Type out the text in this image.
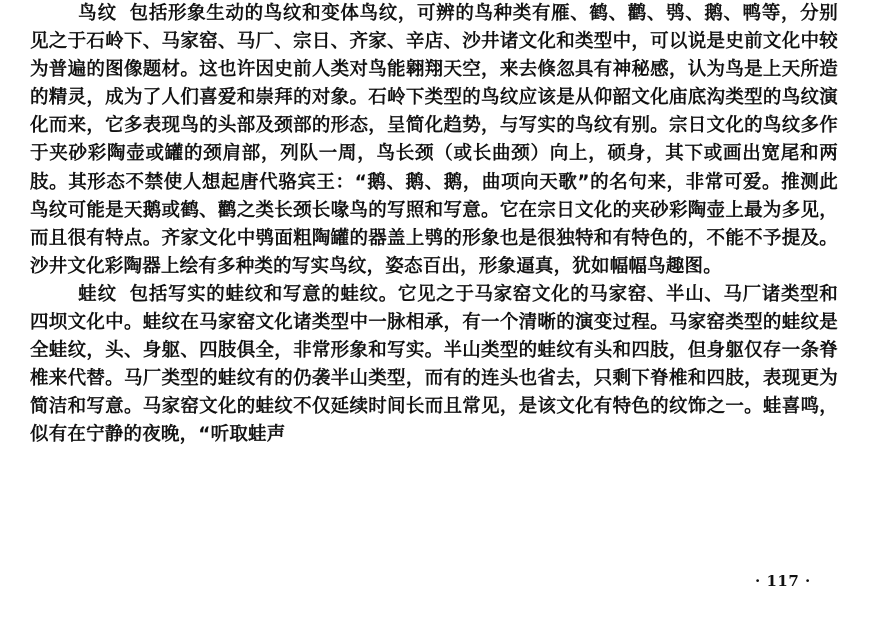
鸟纹 包括形象生动的鸟纹和变体鸟纹，可辨的鸟种类有雁、鹤、鹳、鸮、鹅、鸭等，分别见之于石岭下、马家窑、马厂、宗日、齐家、辛店、沙井诸文化和类型中，可以说是史前文化中较为普遍的图像题材。这也许因史前人类对鸟能翱翔天空，来去倏忽具有神秘感，认为鸟是上天所造的精灵，成为了人们喜爱和崇拜的对象。石岭下类型的鸟纹应该是从仰韶文化庙底沟类型的鸟纹演化而来，它多表现鸟的头部及颈部的形态，呈简化趋势，与写实的鸟纹有别。宗日文化的鸟纹多作于夹砂彩陶壶或罐的颈肩部，列队一周，鸟长颈（或长曲颈）向上，硕身，其下或画出宽尾和两肢。其形态不禁使人想起唐代骆宾王：“鹅、鹅、鹅，曲项向天歌”的名句来，非常可爱。推测此鸟纹可能是天鹅或鹤、鹳之类长颈长喙鸟的写照和写意。它在宗日文化的夹砂彩陶壶上最为多见，而且很有特点。齐家文化中鸮面粗陶罐的器盖上鸮的形象也是很独特和有特色的，不能不予提及。沙井文化彩陶器上绘有多种类的写实鸟纹，姿态百出，形象逼真，犹如幅幅鸟趣图。

蛙纹 包括写实的蛙纹和写意的蛙纹。它见之于马家窑文化的马家窑、半山、马厂诸类型和四坝文化中。蛙纹在马家窑文化诸类型中一脉相承，有一个清晰的演变过程。马家窑类型的蛙纹是全蛙纹，头、身躯、四肢俱全，非常形象和写实。半山类型的蛙纹有头和四肢，但身躯仅存一条脊椎来代替。马厂类型的蛙纹有的仍袭半山类型，而有的连头也省去，只剩下脊椎和四肢，表现更为简洁和写意。马家窑文化的蛙纹不仅延续时间长而且常见，是该文化有特色的纹饰之一。蛙喜鸣，似有在宁静的夜晚，“听取蛙声

· 117 ·
